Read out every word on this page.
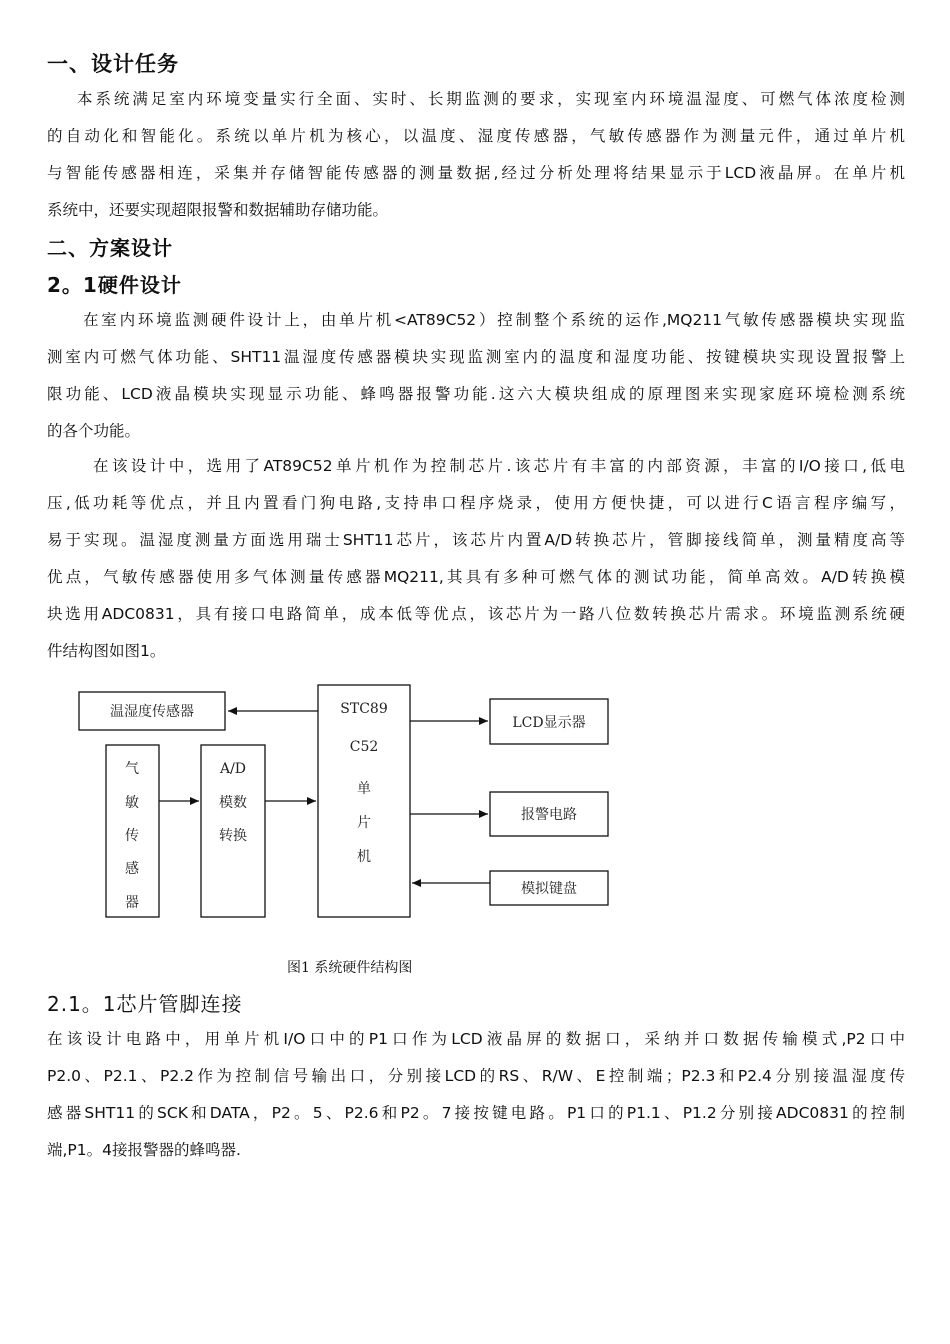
一、设计任务
本系统满足室内环境变量实行全面、实时、长期监测的要求，实现室内环境温湿度、可燃气体浓度检测
的自动化和智能化。系统以单片机为核心，以温度、湿度传感器，气敏传感器作为测量元件，通过单片机
与智能传感器相连，采集并存储智能传感器的测量数据,经过分析处理将结果显示于LCD液晶屏。在单片机
系统中，还要实现超限报警和数据辅助存储功能。
二、方案设计
2。1硬件设计
在室内环境监测硬件设计上，由单片机<AT89C52）控制整个系统的运作,MQ211气敏传感器模块实现监
测室内可燃气体功能、SHT11温湿度传感器模块实现监测室内的温度和湿度功能、按键模块实现设置报警上
限功能、LCD液晶模块实现显示功能、蜂鸣器报警功能.这六大模块组成的原理图来实现家庭环境检测系统
的各个功能。
在该设计中，选用了AT89C52单片机作为控制芯片.该芯片有丰富的内部资源，丰富的I/O接口,低电
压,低功耗等优点，并且内置看门狗电路,支持串口程序烧录，使用方便快捷，可以进行C语言程序编写，
易于实现。温湿度测量方面选用瑞士SHT11芯片，该芯片内置A/D转换芯片，管脚接线简单，测量精度高等
优点，气敏传感器使用多气体测量传感器MQ211,其具有多种可燃气体的测试功能，简单高效。A/D转换模
块选用ADC0831，具有接口电路简单，成本低等优点，该芯片为一路八位数转换芯片需求。环境监测系统硬
件结构图如图1。
温湿度传感器
气
敏
传
感
器
A/D
模数
转换
STC89
C52
单
片
机
LCD显示器
报警电路
模拟键盘

图1 系统硬件结构图

2.1。1芯片管脚连接
在该设计电路中，用单片机I/O口中的P1口作为LCD液晶屏的数据口，采纳并口数据传输模式,P2口中
P2.0、P2.1、P2.2作为控制信号输出口，分别接LCD的RS、R/W、E控制端；P2.3和P2.4分别接温湿度传
感器SHT11的SCK和DATA，P2。5、P2.6和P2。7接按键电路。P1口的P1.1、P1.2分别接ADC0831的控制
端,P1。4接报警器的蜂鸣器.
